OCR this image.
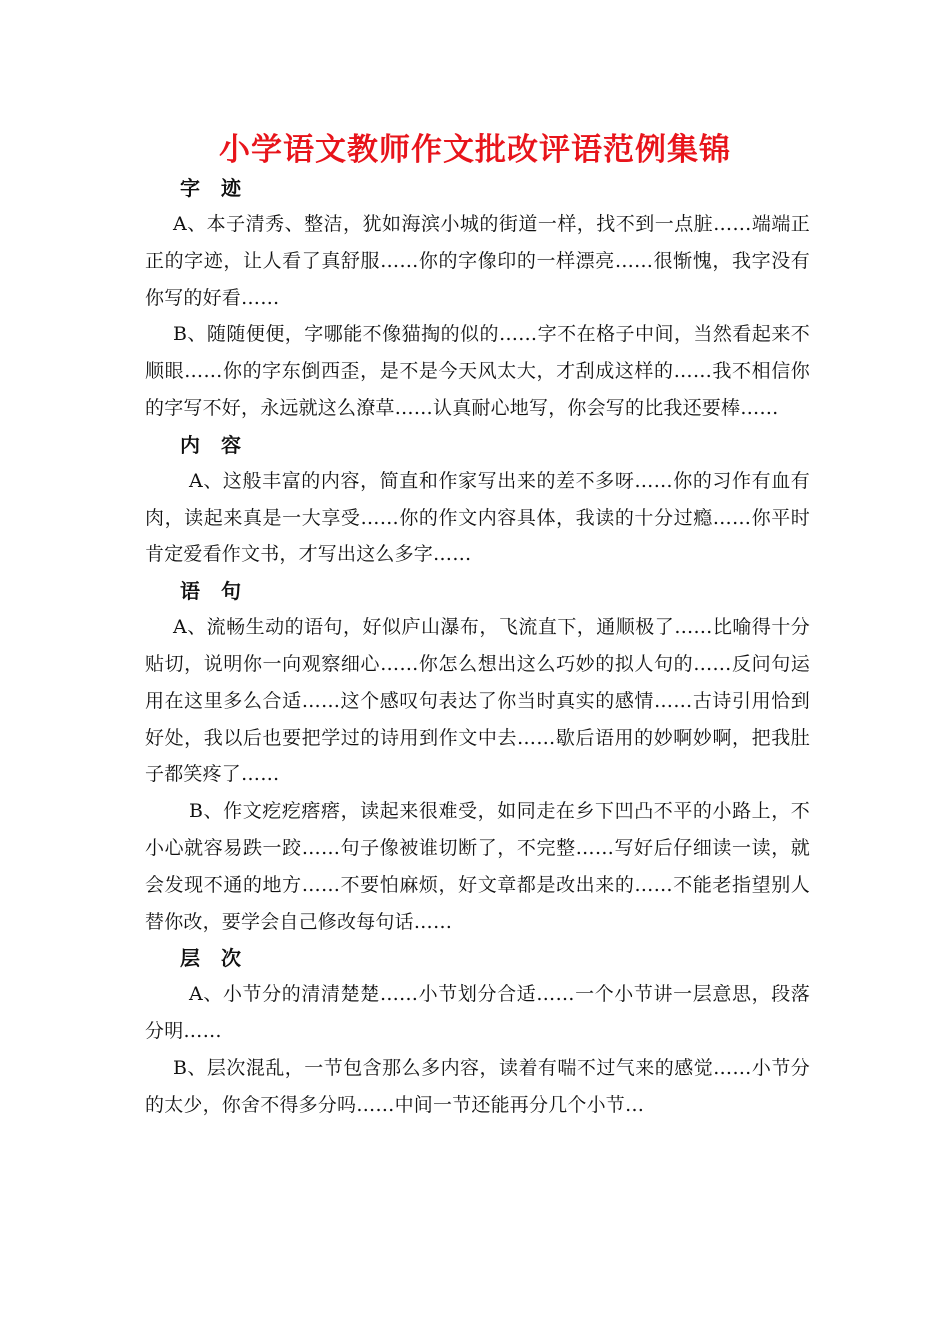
小学语文教师作文批改评语范例集锦

字 迹

A、本子清秀、整洁，犹如海滨小城的街道一样，找不到一点脏……端端正正的字迹，让人看了真舒服……你的字像印的一样漂亮……很惭愧，我字没有你写的好看……

B、随随便便，字哪能不像猫掏的似的……字不在格子中间，当然看起来不顺眼……你的字东倒西歪，是不是今天风太大，才刮成这样的……我不相信你的字写不好，永远就这么潦草……认真耐心地写，你会写的比我还要棒……

内 容

A、这般丰富的内容，简直和作家写出来的差不多呀……你的习作有血有肉，读起来真是一大享受……你的作文内容具体，我读的十分过瘾……你平时肯定爱看作文书，才写出这么多字……

语 句

A、流畅生动的语句，好似庐山瀑布，飞流直下，通顺极了……比喻得十分贴切，说明你一向观察细心……你怎么想出这么巧妙的拟人句的……反问句运用在这里多么合适……这个感叹句表达了你当时真实的感情……古诗引用恰到好处，我以后也要把学过的诗用到作文中去……歇后语用的妙啊妙啊，把我肚子都笑疼了……

B、作文疙疙瘩瘩，读起来很难受，如同走在乡下凹凸不平的小路上，不小心就容易跌一跤……句子像被谁切断了，不完整……写好后仔细读一读，就会发现不通的地方……不要怕麻烦，好文章都是改出来的……不能老指望别人替你改，要学会自己修改每句话……

层 次

A、小节分的清清楚楚……小节划分合适……一个小节讲一层意思，段落分明……

B、层次混乱，一节包含那么多内容，读着有喘不过气来的感觉……小节分的太少，你舍不得多分吗……中间一节还能再分几个小节…
